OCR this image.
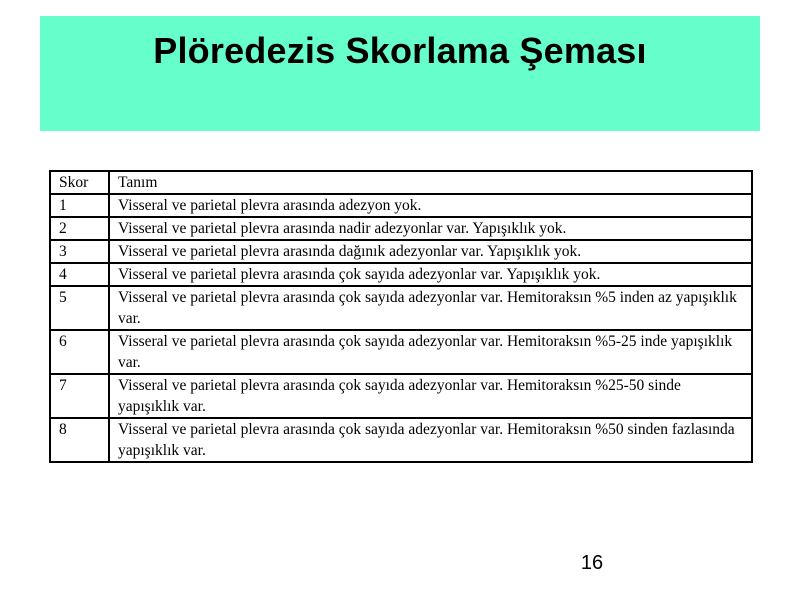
Plöredezis Skorlama Şeması
Skor	Tanım
1	Visseral ve parietal plevra arasında adezyon yok.
2	Visseral ve parietal plevra arasında nadir adezyonlar var. Yapışıklık yok.
3	Visseral ve parietal plevra arasında dağınık adezyonlar var. Yapışıklık yok.
4	Visseral ve parietal plevra arasında çok sayıda adezyonlar var. Yapışıklık yok.
5	Visseral ve parietal plevra arasında çok sayıda adezyonlar var. Hemitoraksın %5 inden az yapışıklık var.
6	Visseral ve parietal plevra arasında çok sayıda adezyonlar var. Hemitoraksın %5-25 inde yapışıklık var.
7	Visseral ve parietal plevra arasında çok sayıda adezyonlar var. Hemitoraksın %25-50 sinde yapışıklık var.
8	Visseral ve parietal plevra arasında çok sayıda adezyonlar var. Hemitoraksın %50 sinden fazlasında yapışıklık var.
16
